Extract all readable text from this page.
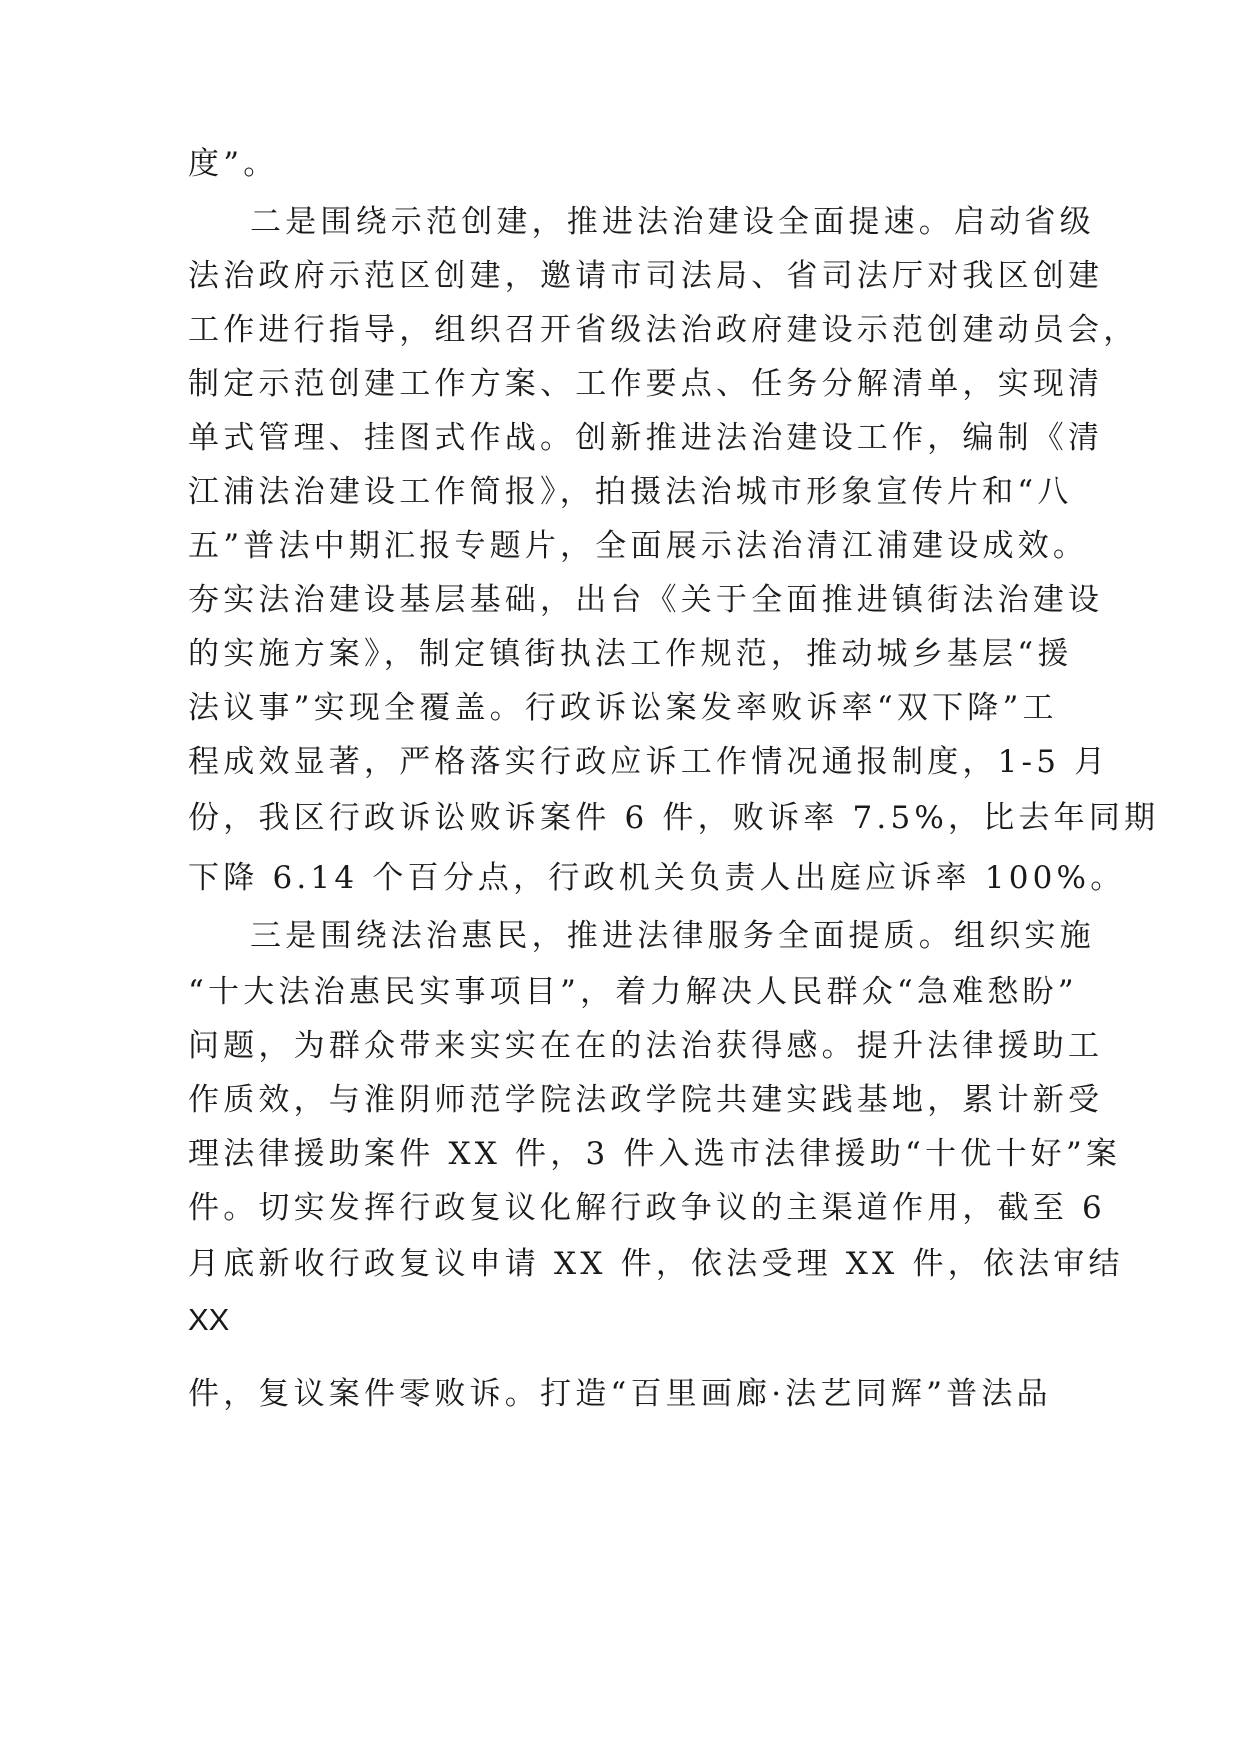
度”。
二是围绕示范创建，推进法治建设全面提速。启动省级
法治政府示范区创建，邀请市司法局、省司法厅对我区创建
工作进行指导，组织召开省级法治政府建设示范创建动员会，
制定示范创建工作方案、工作要点、任务分解清单，实现清
单式管理、挂图式作战。创新推进法治建设工作，编制《清
江浦法治建设工作简报》，拍摄法治城市形象宣传片和“八
五”普法中期汇报专题片，全面展示法治清江浦建设成效。
夯实法治建设基层基础，出台《关于全面推进镇街法治建设
的实施方案》，制定镇街执法工作规范，推动城乡基层“援
法议事”实现全覆盖。行政诉讼案发率败诉率“双下降”工
程成效显著，严格落实行政应诉工作情况通报制度，1-5 月
份，我区行政诉讼败诉案件 6 件，败诉率 7.5%，比去年同期
下降 6.14 个百分点，行政机关负责人出庭应诉率 100%。
三是围绕法治惠民，推进法律服务全面提质。组织实施
“十大法治惠民实事项目”，着力解决人民群众“急难愁盼”
问题，为群众带来实实在在的法治获得感。提升法律援助工
作质效，与淮阴师范学院法政学院共建实践基地，累计新受
理法律援助案件 XX 件，3 件入选市法律援助“十优十好”案
件。切实发挥行政复议化解行政争议的主渠道作用，截至 6
月底新收行政复议申请 XX 件，依法受理 XX 件，依法审结
XX
件，复议案件零败诉。打造“百里画廊·法艺同辉”普法品
